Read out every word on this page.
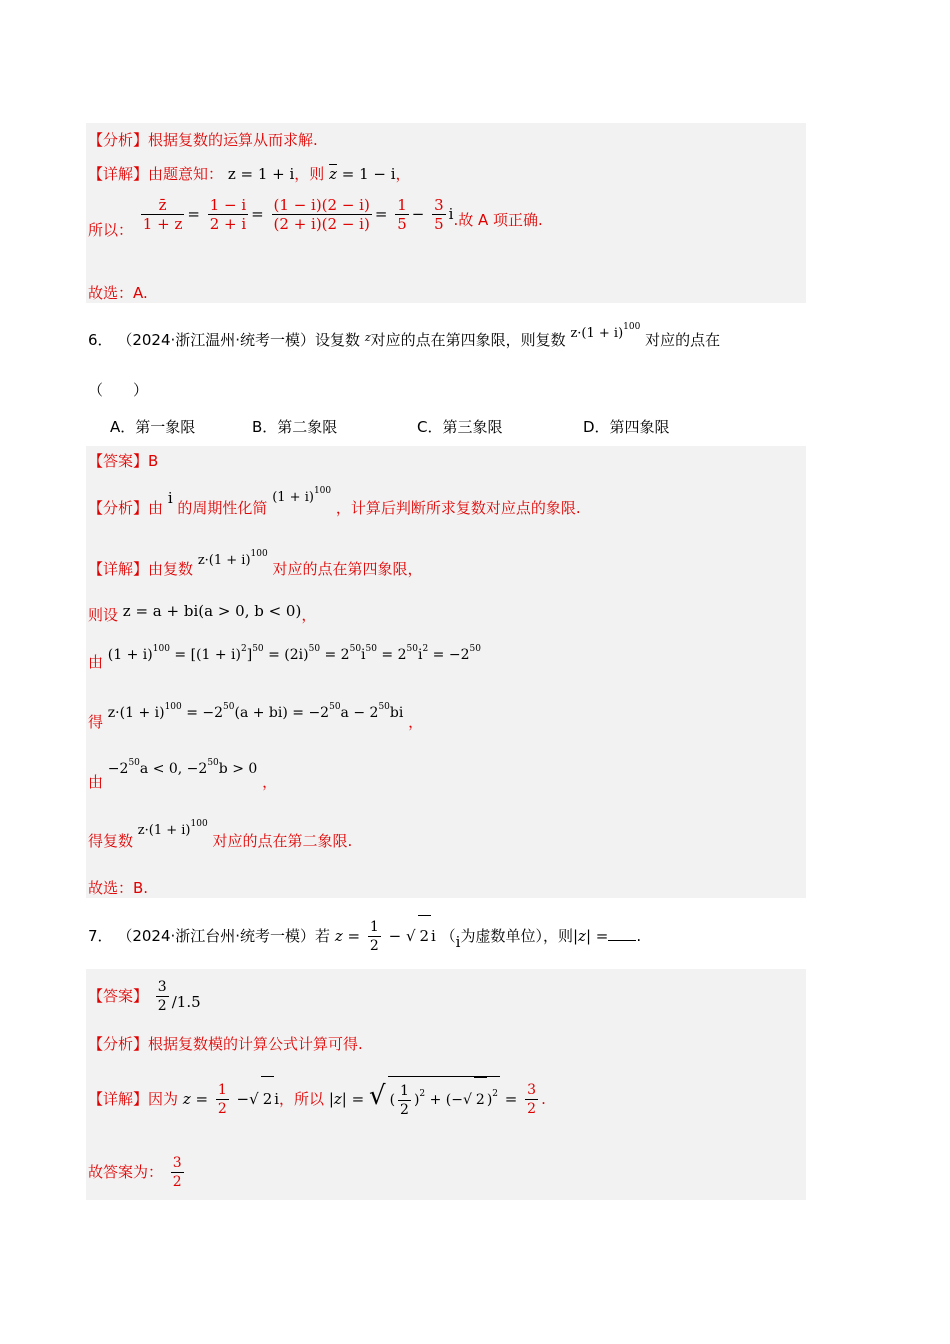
【分析】根据复数的运算从而求解.
【详解】由题意知： z = 1 + i，则 $\overline{z} = 1 - i$，
所以： $\frac{z̄}{1 + z} = \frac{1 - i}{2 + i} = \frac{(1 - i)(2 - i)}{(2 + i)(2 - i)} = \frac{1}{5} - \frac{3}{5} i$.故 A 项正确.
故选：A.
6． （2024·浙江温州·统考一模）设复数 $^z$对应的点在第四象限，则复数 $z\cdot(1 + i)^{100}$ 对应的点在
（　　）
A．第一象限	B．第二象限	C．第三象限	D．第四象限
【答案】B
【分析】由 i 的周期性化简 $(1 + i)^{100}$ ，计算后判断所求复数对应点的象限.
【详解】由复数 $z\cdot(1 + i)^{100}$ 对应的点在第四象限，
则设 z = a + bi(a > 0, b < 0)，
由 $(1 + i)^{100} = [(1 + i)^2]^{50} = (2i)^{50} = 2^{50}i^{50} = 2^{50}i^2 = -2^{50}$
得 $z\cdot(1 + i)^{100} = -2^{50}(a + bi) = -2^{50}a - 2^{50}bi$ ，
由 $-2^{50}a < 0$, $-2^{50}b > 0$ ，
得复数 $z\cdot(1 + i)^{100}$ 对应的点在第二象限.
故选：B.
7． （2024·浙江台州·统考一模）若 $z = \frac{1}{2}$ − √ 2 i （i为虚数单位），则|z| = .
【答案】 $\frac{3}{2} /1.5$
【分析】根据复数模的计算公式计算可得.
【详解】因为 $z = \frac{1}{2}$ −√ 2 i，所以 |z| = √ ( $\frac{1}{2} )^2$ + (−√ 2 )$^2 = \frac{3}{2}$ .
故答案为： $\frac{3}{2}$
